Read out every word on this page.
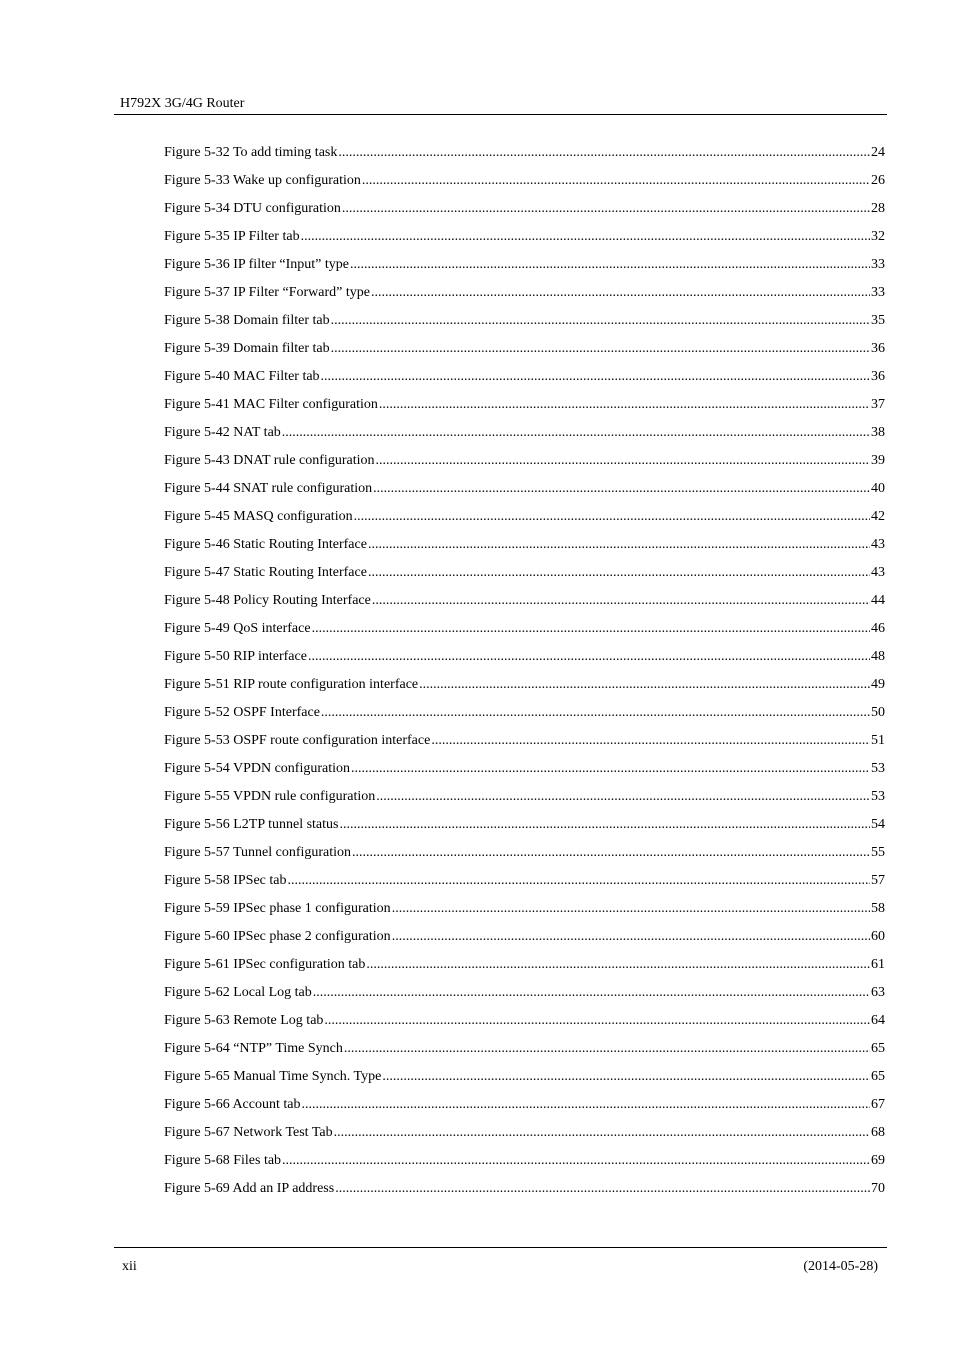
H792X 3G/4G Router
Figure 5-32 To add timing task .....	24
Figure 5-33 Wake up configuration .....	26
Figure 5-34 DTU configuration .....	28
Figure 5-35 IP Filter tab .....	32
Figure 5-36 IP filter “Input” type .....	33
Figure 5-37 IP Filter “Forward” type .....	33
Figure 5-38 Domain filter tab .....	35
Figure 5-39 Domain filter tab .....	36
Figure 5-40 MAC Filter tab .....	36
Figure 5-41 MAC Filter configuration .....	37
Figure 5-42 NAT tab .....	38
Figure 5-43 DNAT rule configuration .....	39
Figure 5-44 SNAT rule configuration .....	40
Figure 5-45 MASQ configuration .....	42
Figure 5-46 Static Routing Interface .....	43
Figure 5-47 Static Routing Interface .....	43
Figure 5-48 Policy Routing Interface .....	44
Figure 5-49 QoS interface .....	46
Figure 5-50 RIP interface .....	48
Figure 5-51 RIP route configuration interface .....	49
Figure 5-52 OSPF Interface .....	50
Figure 5-53 OSPF route configuration interface .....	51
Figure 5-54 VPDN configuration .....	53
Figure 5-55 VPDN rule configuration .....	53
Figure 5-56 L2TP tunnel status .....	54
Figure 5-57 Tunnel configuration .....	55
Figure 5-58 IPSec tab .....	57
Figure 5-59 IPSec phase 1 configuration .....	58
Figure 5-60 IPSec phase 2 configuration .....	60
Figure 5-61 IPSec configuration tab .....	61
Figure 5-62 Local Log tab .....	63
Figure 5-63 Remote Log tab .....	64
Figure 5-64 “NTP” Time Synch .....	65
Figure 5-65 Manual Time Synch. Type .....	65
Figure 5-66 Account tab .....	67
Figure 5-67 Network Test Tab .....	68
Figure 5-68 Files tab .....	69
Figure 5-69 Add an IP address .....	70
xii	(2014-05-28)
